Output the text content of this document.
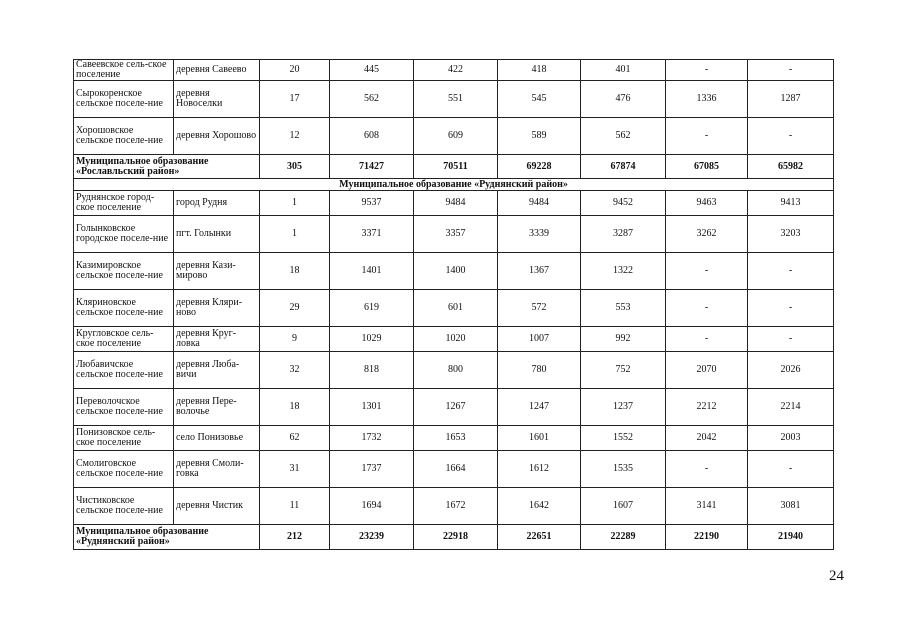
Савеевское сель-ское поселение	деревня Савеево	20	445	422	418	401	-	-
Сырокоренское сельское поселе-ние	деревня Новоселки	17	562	551	545	476	1336	1287
Хорошовское сельское поселе-ние	деревня Хорошово	12	608	609	589	562	-	-
Муниципальное образование «Рославльский район»		305	71427	70511	69228	67874	67085	65982
Муниципальное образование «Руднянский район»								
Руднянское город-ское поселение	город Рудня	1	9537	9484	9484	9452	9463	9413
Голынковское городское поселе-ние	пгт. Голынки	1	3371	3357	3339	3287	3262	3203
Казимировское сельское поселе-ние	деревня Кази-мирово	18	1401	1400	1367	1322	-	-
Кляриновское сельское поселе-ние	деревня Кляри-ново	29	619	601	572	553	-	-
Кругловское сель-ское поселение	деревня Круг-ловка	9	1029	1020	1007	992	-	-
Любавичское сельское поселе-ние	деревня Люба-вичи	32	818	800	780	752	2070	2026
Переволочское сельское поселе-ние	деревня Пере-волочье	18	1301	1267	1247	1237	2212	2214
Понизовское сель-ское поселение	село Понизовье	62	1732	1653	1601	1552	2042	2003
Смолиговское сельское поселе-ние	деревня Смоли-говка	31	1737	1664	1612	1535	-	-
Чистиковское сельское поселе-ние	деревня Чистик	11	1694	1672	1642	1607	3141	3081
Муниципальное образование «Руднянский район»		212	23239	22918	22651	22289	22190	21940
24
